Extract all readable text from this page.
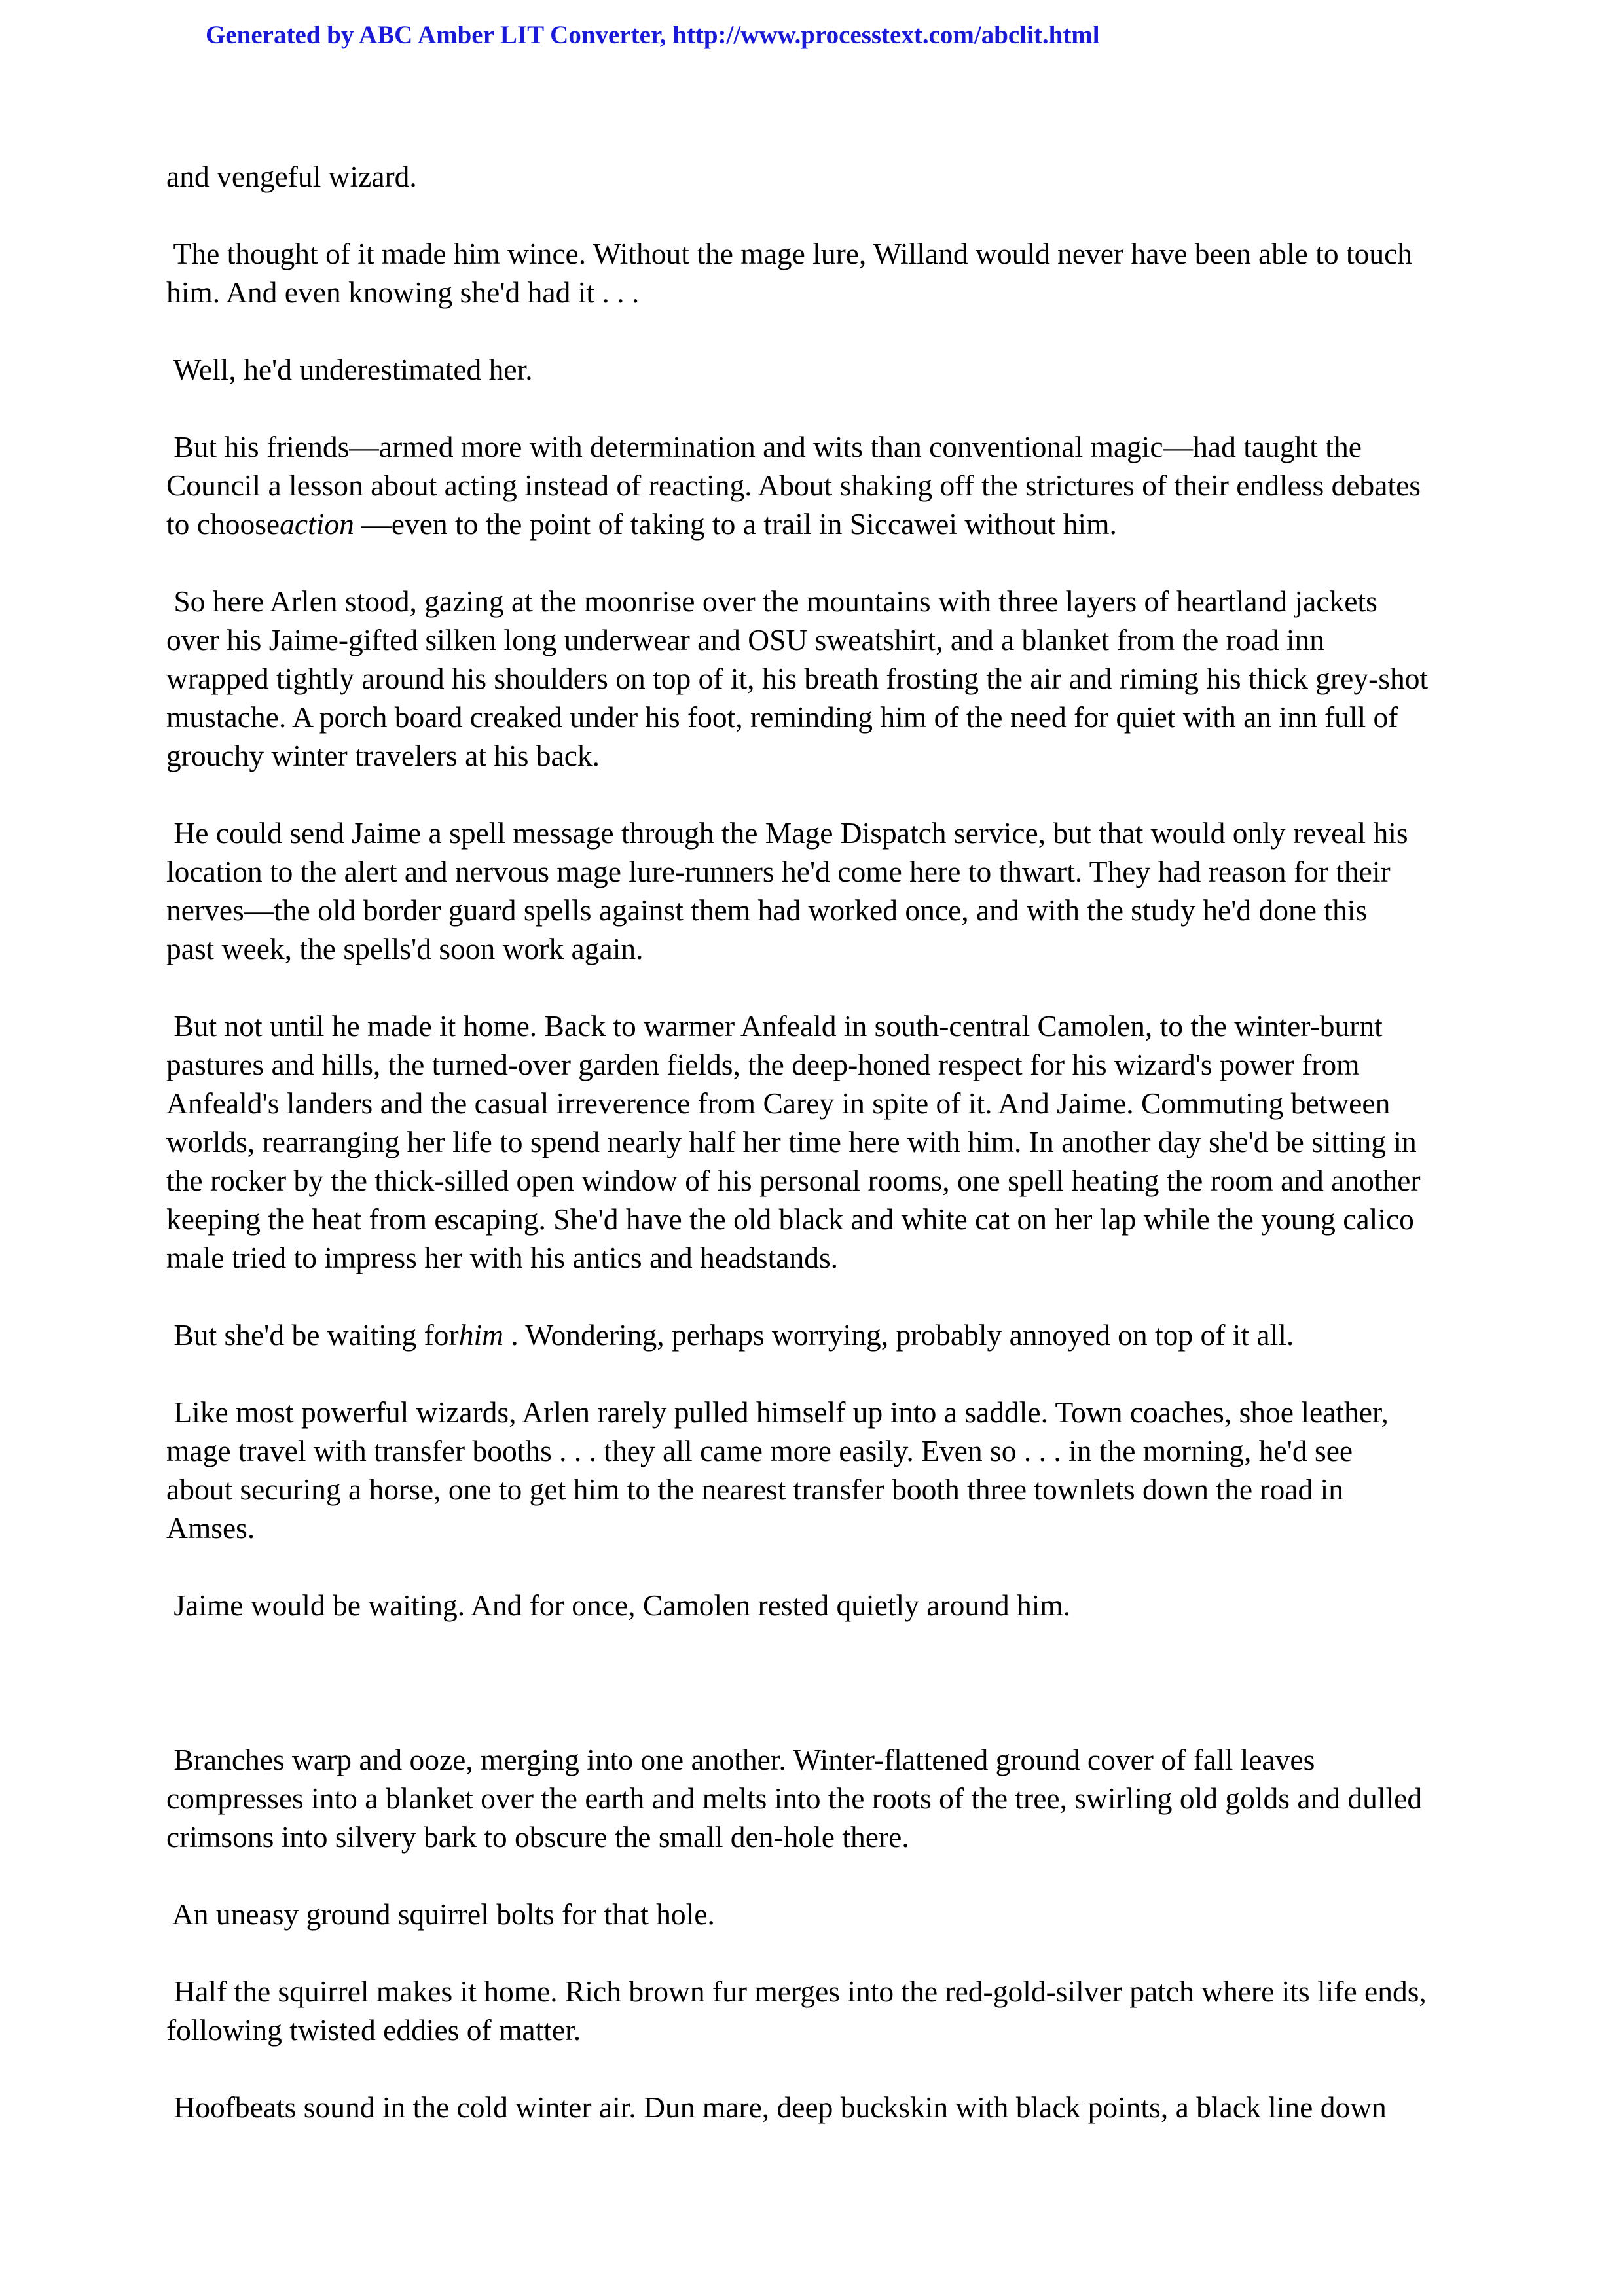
Generated by ABC Amber LIT Converter, http://www.processtext.com/abclit.html
and vengeful wizard.
The thought of it made him wince. Without the mage lure, Willand would never have been able to touch
him. And even knowing she'd had it . . .
Well, he'd underestimated her.
But his friends—armed more with determination and wits than conventional magic—had taught the
Council a lesson about acting instead of reacting. About shaking off the strictures of their endless debates
to chooseaction —even to the point of taking to a trail in Siccawei without him.
So here Arlen stood, gazing at the moonrise over the mountains with three layers of heartland jackets
over his Jaime-gifted silken long underwear and OSU sweatshirt, and a blanket from the road inn
wrapped tightly around his shoulders on top of it, his breath frosting the air and riming his thick grey-shot
mustache. A porch board creaked under his foot, reminding him of the need for quiet with an inn full of
grouchy winter travelers at his back.
He could send Jaime a spell message through the Mage Dispatch service, but that would only reveal his
location to the alert and nervous mage lure-runners he'd come here to thwart. They had reason for their
nerves—the old border guard spells against them had worked once, and with the study he'd done this
past week, the spells'd soon work again.
But not until he made it home. Back to warmer Anfeald in south-central Camolen, to the winter-burnt
pastures and hills, the turned-over garden fields, the deep-honed respect for his wizard's power from
Anfeald's landers and the casual irreverence from Carey in spite of it. And Jaime. Commuting between
worlds, rearranging her life to spend nearly half her time here with him. In another day she'd be sitting in
the rocker by the thick-silled open window of his personal rooms, one spell heating the room and another
keeping the heat from escaping. She'd have the old black and white cat on her lap while the young calico
male tried to impress her with his antics and headstands.
But she'd be waiting forhim . Wondering, perhaps worrying, probably annoyed on top of it all.
Like most powerful wizards, Arlen rarely pulled himself up into a saddle. Town coaches, shoe leather,
mage travel with transfer booths . . . they all came more easily. Even so . . . in the morning, he'd see
about securing a horse, one to get him to the nearest transfer booth three townlets down the road in
Amses.
Jaime would be waiting. And for once, Camolen rested quietly around him.
Branches warp and ooze, merging into one another. Winter-flattened ground cover of fall leaves
compresses into a blanket over the earth and melts into the roots of the tree, swirling old golds and dulled
crimsons into silvery bark to obscure the small den-hole there.
An uneasy ground squirrel bolts for that hole.
Half the squirrel makes it home. Rich brown fur merges into the red-gold-silver patch where its life ends,
following twisted eddies of matter.
Hoofbeats sound in the cold winter air. Dun mare, deep buckskin with black points, a black line down
